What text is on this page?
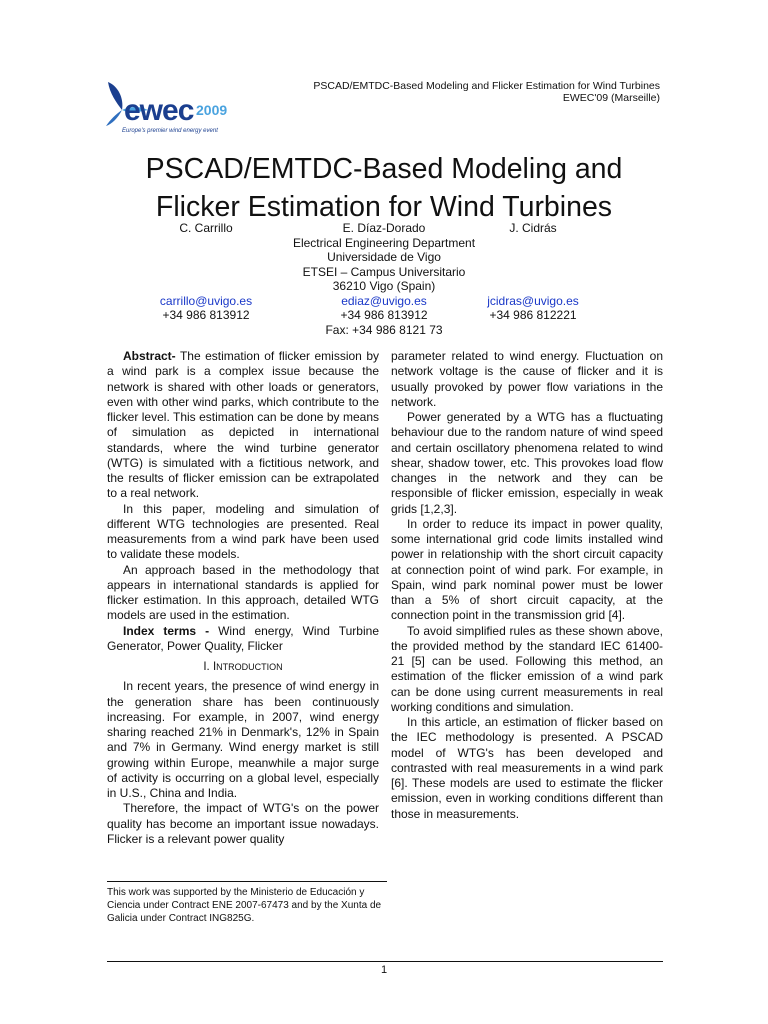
ewec 2009
Europe's premier wind energy event
PSCAD/EMTDC-Based Modeling and Flicker Estimation for Wind Turbines
EWEC'09 (Marseille)
PSCAD/EMTDC-Based Modeling and
Flicker Estimation for Wind Turbines
C. Carrillo
carrillo@uvigo.es
+34 986 813912
E. Díaz-Dorado
Electrical Engineering Department
Universidade de Vigo
ETSEI – Campus Universitario
36210 Vigo (Spain)
ediaz@uvigo.es
+34 986 813912
Fax: +34 986 8121 73
J. Cidrás
jcidras@uvigo.es
+34 986 812221

Abstract- The estimation of flicker emission by a wind park is a complex issue because the network is shared with other loads or generators, even with other wind parks, which contribute to the flicker level. This estimation can be done by means of simulation as depicted in international standards, where the wind turbine generator (WTG) is simulated with a fictitious network, and the results of flicker emission can be extrapolated to a real network.

In this paper, modeling and simulation of different WTG technologies are presented. Real measurements from a wind park have been used to validate these models.

An approach based in the methodology that appears in international standards is applied for flicker estimation. In this approach, detailed WTG models are used in the estimation.

Index terms - Wind energy, Wind Turbine Generator, Power Quality, Flicker

I. INTRODUCTION

In recent years, the presence of wind energy in the generation share has been continuously increasing. For example, in 2007, wind energy sharing reached 21% in Denmark's, 12% in Spain and 7% in Germany. Wind energy market is still growing within Europe, meanwhile a major surge of activity is occurring on a global level, especially in U.S., China and India.

Therefore, the impact of WTG's on the power quality has become an important issue nowadays. Flicker is a relevant power quality

parameter related to wind energy. Fluctuation on network voltage is the cause of flicker and it is usually provoked by power flow variations in the network.

Power generated by a WTG has a fluctuating behaviour due to the random nature of wind speed and certain oscillatory phenomena related to wind shear, shadow tower, etc. This provokes load flow changes in the network and they can be responsible of flicker emission, especially in weak grids [1,2,3].

In order to reduce its impact in power quality, some international grid code limits installed wind power in relationship with the short circuit capacity at connection point of wind park. For example, in Spain, wind park nominal power must be lower than a 5% of short circuit capacity, at the connection point in the transmission grid [4].

To avoid simplified rules as these shown above, the provided method by the standard IEC 61400-21 [5] can be used. Following this method, an estimation of the flicker emission of a wind park can be done using current measurements in real working conditions and simulation.

In this article, an estimation of flicker based on the IEC methodology is presented. A PSCAD model of WTG's has been developed and contrasted with real measurements in a wind park [6]. These models are used to estimate the flicker emission, even in working conditions different than those in measurements.

This work was supported by the Ministerio de Educación y Ciencia under Contract ENE 2007-67473 and by the Xunta de Galicia under Contract ING825G.
1
